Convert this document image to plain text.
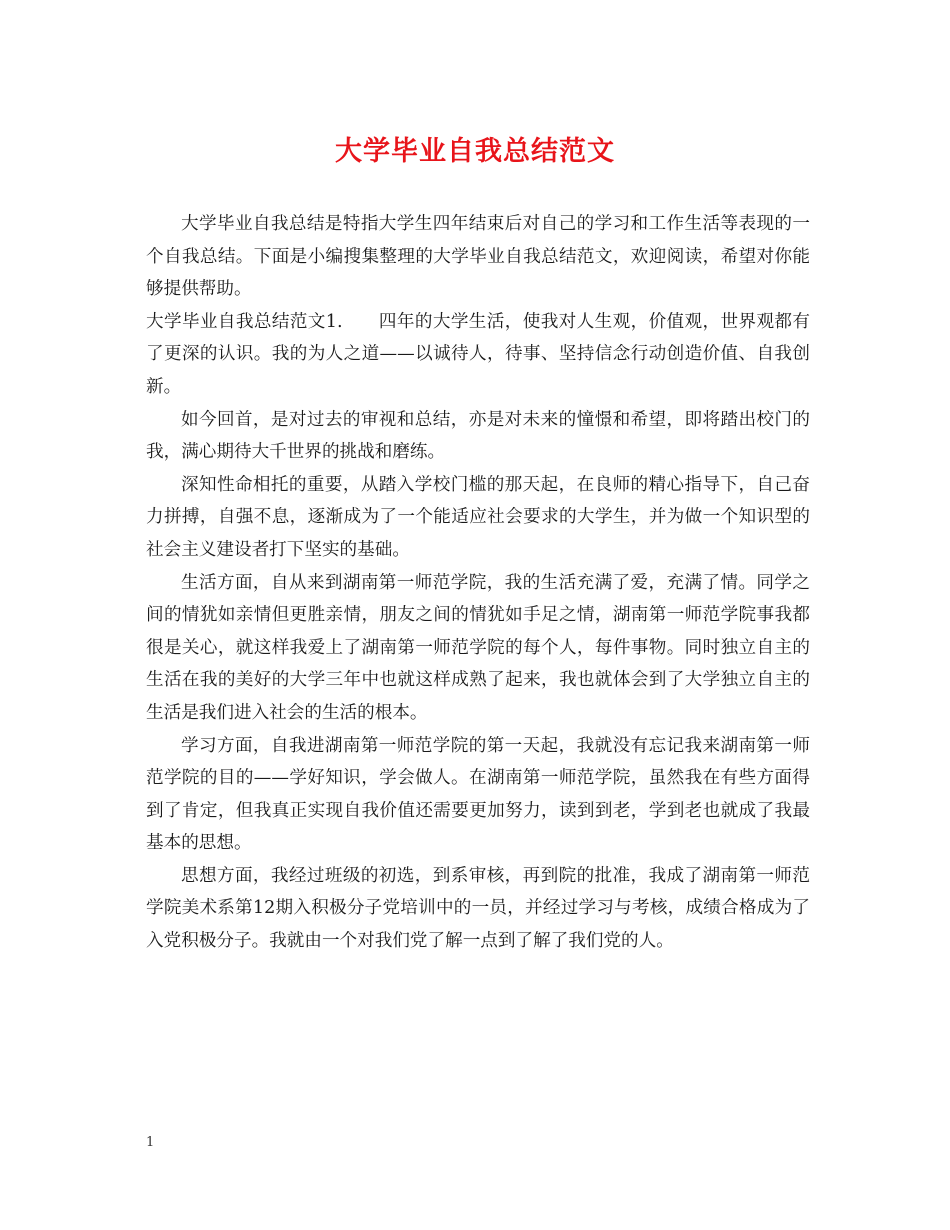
大学毕业自我总结范文

大学毕业自我总结是特指大学生四年结束后对自己的学习和工作生活等表现的一个自我总结。下面是小编搜集整理的大学毕业自我总结范文，欢迎阅读，希望对你能够提供帮助。

大学毕业自我总结范文1.　　四年的大学生活，使我对人生观，价值观，世界观都有了更深的认识。我的为人之道——以诚待人，待事、坚持信念行动创造价值、自我创新。

如今回首，是对过去的审视和总结，亦是对未来的憧憬和希望，即将踏出校门的我，满心期待大千世界的挑战和磨练。

深知性命相托的重要，从踏入学校门槛的那天起，在良师的精心指导下，自己奋力拼搏，自强不息，逐渐成为了一个能适应社会要求的大学生，并为做一个知识型的社会主义建设者打下坚实的基础。

生活方面，自从来到湖南第一师范学院，我的生活充满了爱，充满了情。同学之间的情犹如亲情但更胜亲情，朋友之间的情犹如手足之情，湖南第一师范学院事我都很是关心，就这样我爱上了湖南第一师范学院的每个人，每件事物。同时独立自主的生活在我的美好的大学三年中也就这样成熟了起来，我也就体会到了大学独立自主的生活是我们进入社会的生活的根本。

学习方面，自我进湖南第一师范学院的第一天起，我就没有忘记我来湖南第一师范学院的目的——学好知识，学会做人。在湖南第一师范学院，虽然我在有些方面得到了肯定，但我真正实现自我价值还需要更加努力，读到到老，学到老也就成了我最基本的思想。

思想方面，我经过班级的初选，到系审核，再到院的批准，我成了湖南第一师范学院美术系第12期入积极分子党培训中的一员，并经过学习与考核，成绩合格成为了入党积极分子。我就由一个对我们党了解一点到了解了我们党的人。

1
